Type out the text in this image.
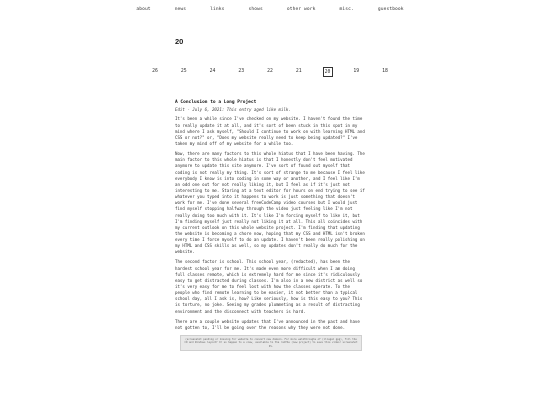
about	news	links	shows	other work	misc.	guestbook
20
26	25	24	23	22	21	20	19	18
A Conclusion to a Long Project
Edit - July 6, 2021: This entry aged like milk.

It's been a while since I've checked on my website. I haven't found the time to really update it at all, and it's sort of been stuck in this spot in my mind where I ask myself, "Should I continue to work on with learning HTML and CSS or not?" or, "Does my website really need to keep being updated?" I've taken my mind off of my website for a while too.

Now, there are many factors to this whole hiatus that I have been having. The main factor to this whole hiatus is that I honestly don't feel motivated anymore to update this site anymore. I've sort of found out myself that coding is not really my thing. It's sort of strange to me because I feel like everybody I know is into coding in some way or another, and I feel like I'm an odd one out for not really liking it, but I feel as if it's just not interesting to me. Staring at a text editor for hours on end trying to see if whatever you typed into it happens to work is just something that doesn't work for me. I've done several freeCodeCamp video courses but I would just find myself stopping halfway through the video just feeling like I'm not really doing too much with it. It's like I'm forcing myself to like it, but I'm finding myself just really not liking it at all. This all coincides with my current outlook on this whole website project. I'm finding that updating the website is becoming a chore now, hoping that my CSS and HTML isn't broken every time I force myself to do an update. I haven't been really polishing on my HTML and CSS skills as well, so my updates don't really do much for the website.

The second factor is school. This school year, (redacted), has been the hardest school year for me. It's made even more difficult when I am doing full classes remote, which is extremely hard for me since it's ridiculously easy to get distracted during classes. I'm also in a new district as well so it's very easy for me to feel lost with how the classes operate. To the people who find remote learning to be easier, it not better than a typical school day, all I ask is, how? Like seriously, how is this easy to you? This is torture, no joke. Seeing my grades plummeting as a result of distracting environment and the disconnect with teachers is hard.

There are a couple website updates that I've announced in the past and have not gotten to, I'll be going over the reasons why they were not done.

(screenshot pending or missing for website to convert new domain. For more walkthroughs of (illegal gpg), fill the CD and Windows layout? Or so happen to a view, available to the rumThe (new project) to save this video! screenshot IS.
